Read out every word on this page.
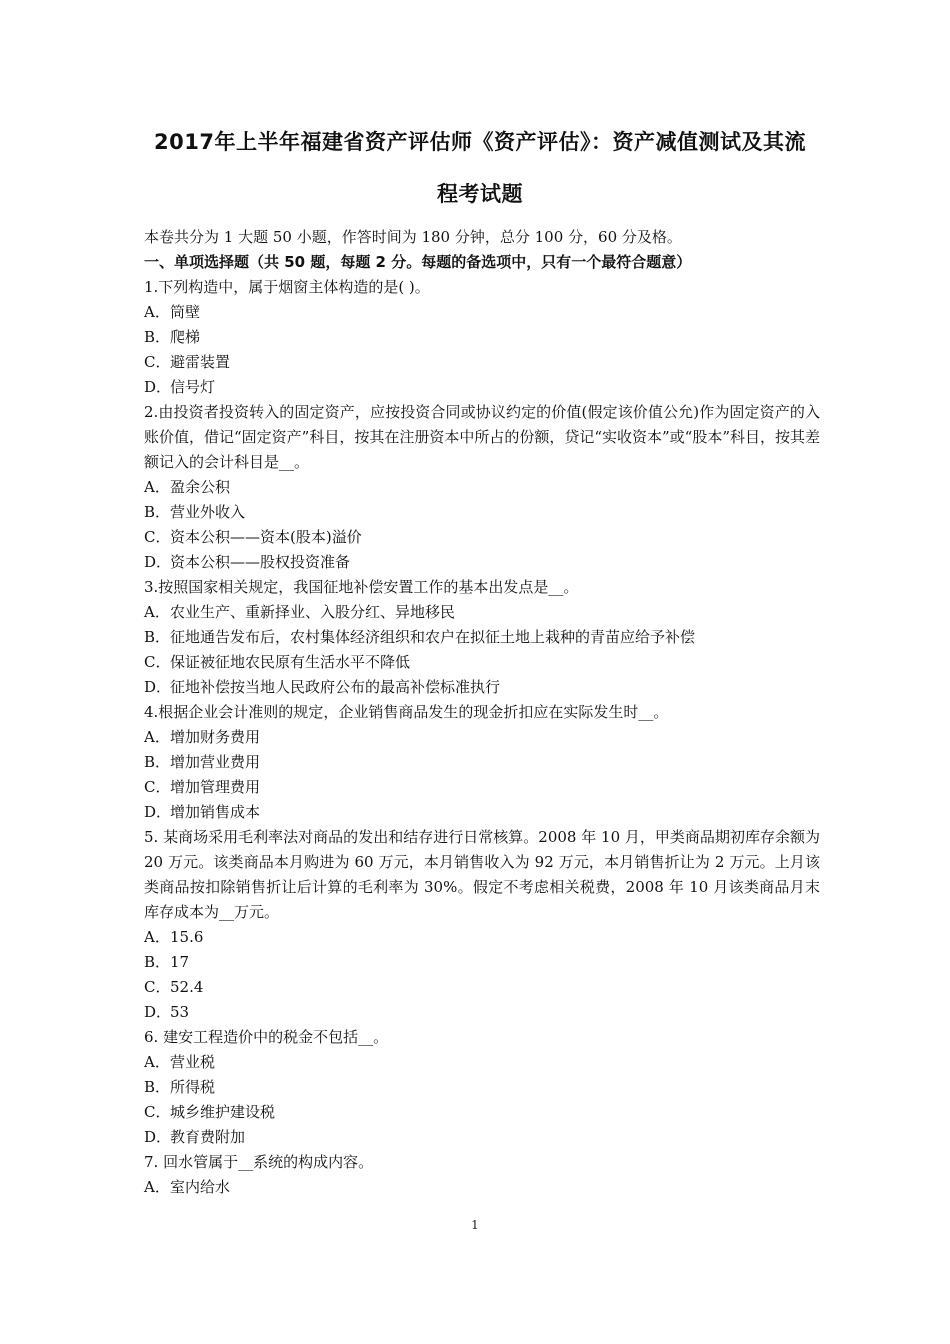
2017年上半年福建省资产评估师《资产评估》：资产减值测试及其流
程考试题
本卷共分为 1 大题 50 小题，作答时间为 180 分钟，总分 100 分，60 分及格。
一、单项选择题（共 50 题，每题 2 分。每题的备选项中，只有一个最符合题意）
1.下列构造中，属于烟窗主体构造的是( )。
A．筒壁
B．爬梯
C．避雷装置
D．信号灯
2.由投资者投资转入的固定资产，应按投资合同或协议约定的价值(假定该价值公允)作为固定资产的入账价值，借记“固定资产”科目，按其在注册资本中所占的份额，贷记“实收资本”或“股本”科目，按其差额记入的会计科目是__。
A．盈余公积
B．营业外收入
C．资本公积——资本(股本)溢价
D．资本公积——股权投资准备
3.按照国家相关规定，我国征地补偿安置工作的基本出发点是__。
A．农业生产、重新择业、入股分红、异地移民
B．征地通告发布后，农村集体经济组织和农户在拟征土地上栽种的青苗应给予补偿
C．保证被征地农民原有生活水平不降低
D．征地补偿按当地人民政府公布的最高补偿标准执行
4.根据企业会计准则的规定，企业销售商品发生的现金折扣应在实际发生时__。
A．增加财务费用
B．增加营业费用
C．增加管理费用
D．增加销售成本
5. 某商场采用毛利率法对商品的发出和结存进行日常核算。2008 年 10 月，甲类商品期初库存余额为 20 万元。该类商品本月购进为 60 万元，本月销售收入为 92 万元，本月销售折让为 2 万元。上月该类商品按扣除销售折让后计算的毛利率为 30%。假定不考虑相关税费，2008 年 10 月该类商品月末库存成本为__万元。
A．15.6
B．17
C．52.4
D．53
6. 建安工程造价中的税金不包括__。
A．营业税
B．所得税
C．城乡维护建设税
D．教育费附加
7. 回水管属于__系统的构成内容。
A．室内给水
1
